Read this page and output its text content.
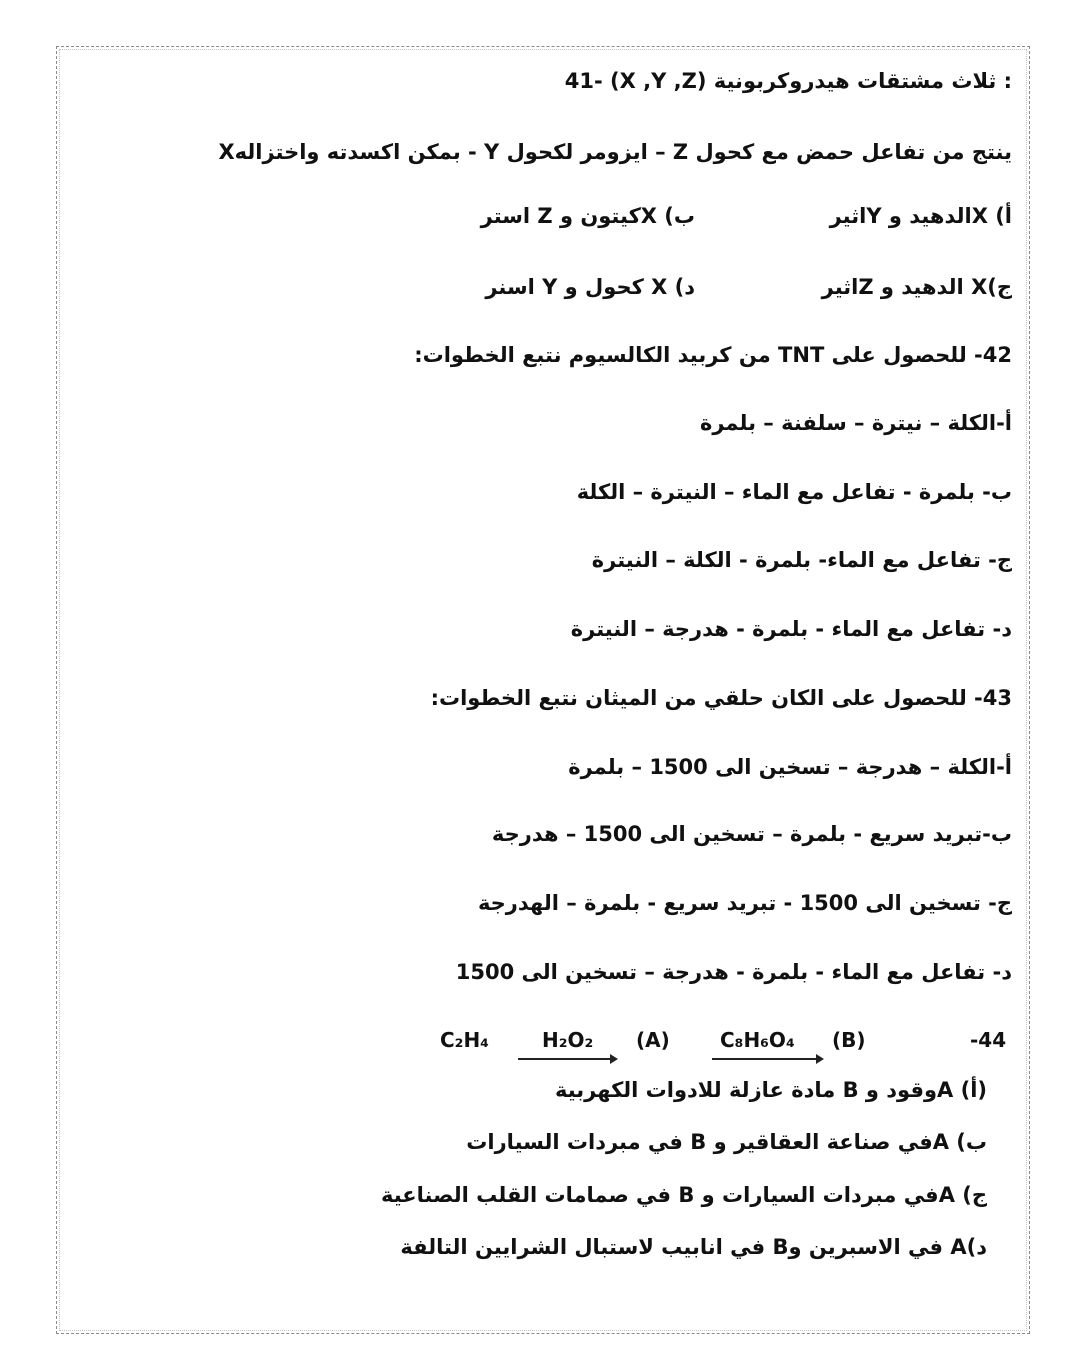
41- (X ,Y ,Z) ثلاث مشتقات هيدروكربونية :
Xبمكن اكسدته واختزاله - Y ايزومر لكحول – Z ينتج من تفاعل حمض مع كحول
أ) Xالدهيد و Yاثير
ب) Xكيتون و Z استر
ج)X الدهيد و Zاثير
د) X كحول و Y اسنر
42- للحصول على TNT من كربيد الكالسيوم نتبع الخطوات:
أ-الكلة – نيترة – سلفنة – بلمرة
ب- بلمرة - تفاعل مع الماء – النيترة – الكلة
ج- تفاعل مع الماء- بلمرة - الكلة – النيترة
د- تفاعل مع الماء - بلمرة - هدرجة – النيترة
43- للحصول على الكان حلقي من الميثان نتبع الخطوات:
أ-الكلة – هدرجة – تسخين الى 1500 – بلمرة
ب-تبريد سريع - بلمرة – تسخين الى 1500 – هدرجة
ج- تسخين الى 1500 - تبريد سريع - بلمرة – الهدرجة
د- تفاعل مع الماء - بلمرة - هدرجة – تسخين الى 1500
C₂H₄	H₂O₂ (A)	C₈H₆O₄ (B)	-44
(أ) Aوقود و B مادة عازلة للادوات الكهربية
ب) Aفي صناعة العقاقير و B في مبردات السيارات
ج) Aفي مبردات السيارات و B في صمامات القلب الصناعية
د)A في الاسبرين وB في انابيب لاستبال الشرايين التالفة
